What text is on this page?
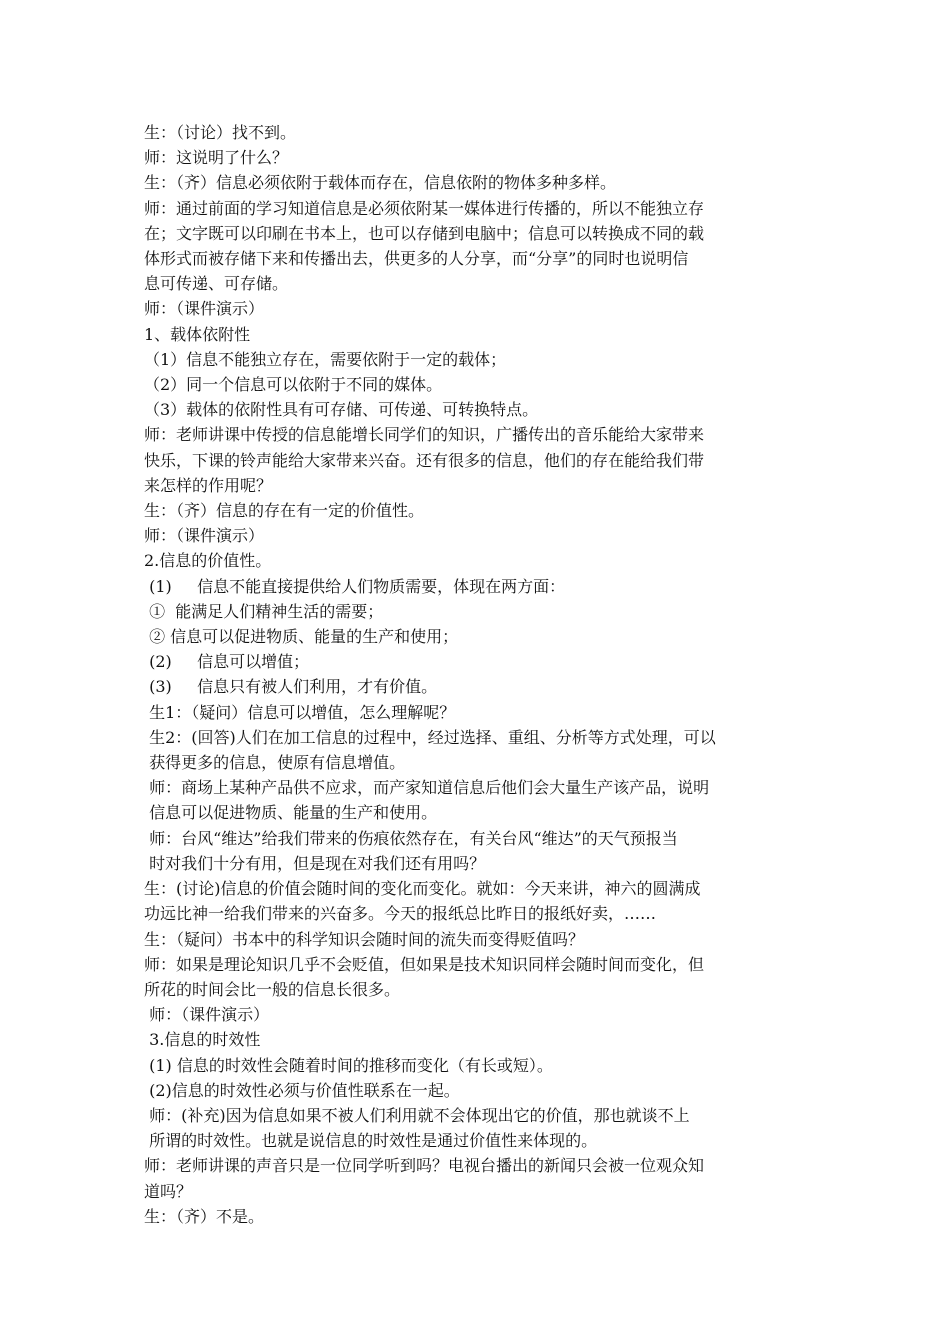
生：（讨论）找不到。
师：这说明了什么？
生：（齐）信息必须依附于载体而存在，信息依附的物体多种多样。
师：通过前面的学习知道信息是必须依附某一媒体进行传播的，所以不能独立存
在；文字既可以印刷在书本上，也可以存储到电脑中；信息可以转换成不同的载
体形式而被存储下来和传播出去，供更多的人分享，而“分享”的同时也说明信
息可传递、可存储。
师：（课件演示）
1、载体依附性
（1）信息不能独立存在，需要依附于一定的载体；
（2）同一个信息可以依附于不同的媒体。
（3）载体的依附性具有可存储、可传递、可转换特点。
师：老师讲课中传授的信息能增长同学们的知识，广播传出的音乐能给大家带来
快乐，下课的铃声能给大家带来兴奋。还有很多的信息，他们的存在能给我们带
来怎样的作用呢？
生：（齐）信息的存在有一定的价值性。
师：（课件演示）
2.信息的价值性。
(1)     信息不能直接提供给人们物质需要，体现在两方面：
①  能满足人们精神生活的需要；
② 信息可以促进物质、能量的生产和使用；
(2)     信息可以增值；
(3)     信息只有被人们利用，才有价值。
生1：（疑问）信息可以增值，怎么理解呢？
生2：(回答)人们在加工信息的过程中，经过选择、重组、分析等方式处理，可以
获得更多的信息，使原有信息增值。
师：商场上某种产品供不应求，而产家知道信息后他们会大量生产该产品，说明
信息可以促进物质、能量的生产和使用。
师：台风“维达”给我们带来的伤痕依然存在，有关台风“维达”的天气预报当
时对我们十分有用，但是现在对我们还有用吗？
生：(讨论)信息的价值会随时间的变化而变化。就如：今天来讲，神六的圆满成
功远比神一给我们带来的兴奋多。今天的报纸总比昨日的报纸好卖，……
生：（疑问）书本中的科学知识会随时间的流失而变得贬值吗？
师：如果是理论知识几乎不会贬值，但如果是技术知识同样会随时间而变化，但
所花的时间会比一般的信息长很多。
师：（课件演示）
3.信息的时效性
(1) 信息的时效性会随着时间的推移而变化（有长或短）。
(2)信息的时效性必须与价值性联系在一起。
师：(补充)因为信息如果不被人们利用就不会体现出它的价值，那也就谈不上
所谓的时效性。也就是说信息的时效性是通过价值性来体现的。
师：老师讲课的声音只是一位同学听到吗？电视台播出的新闻只会被一位观众知
道吗？
生：（齐）不是。
